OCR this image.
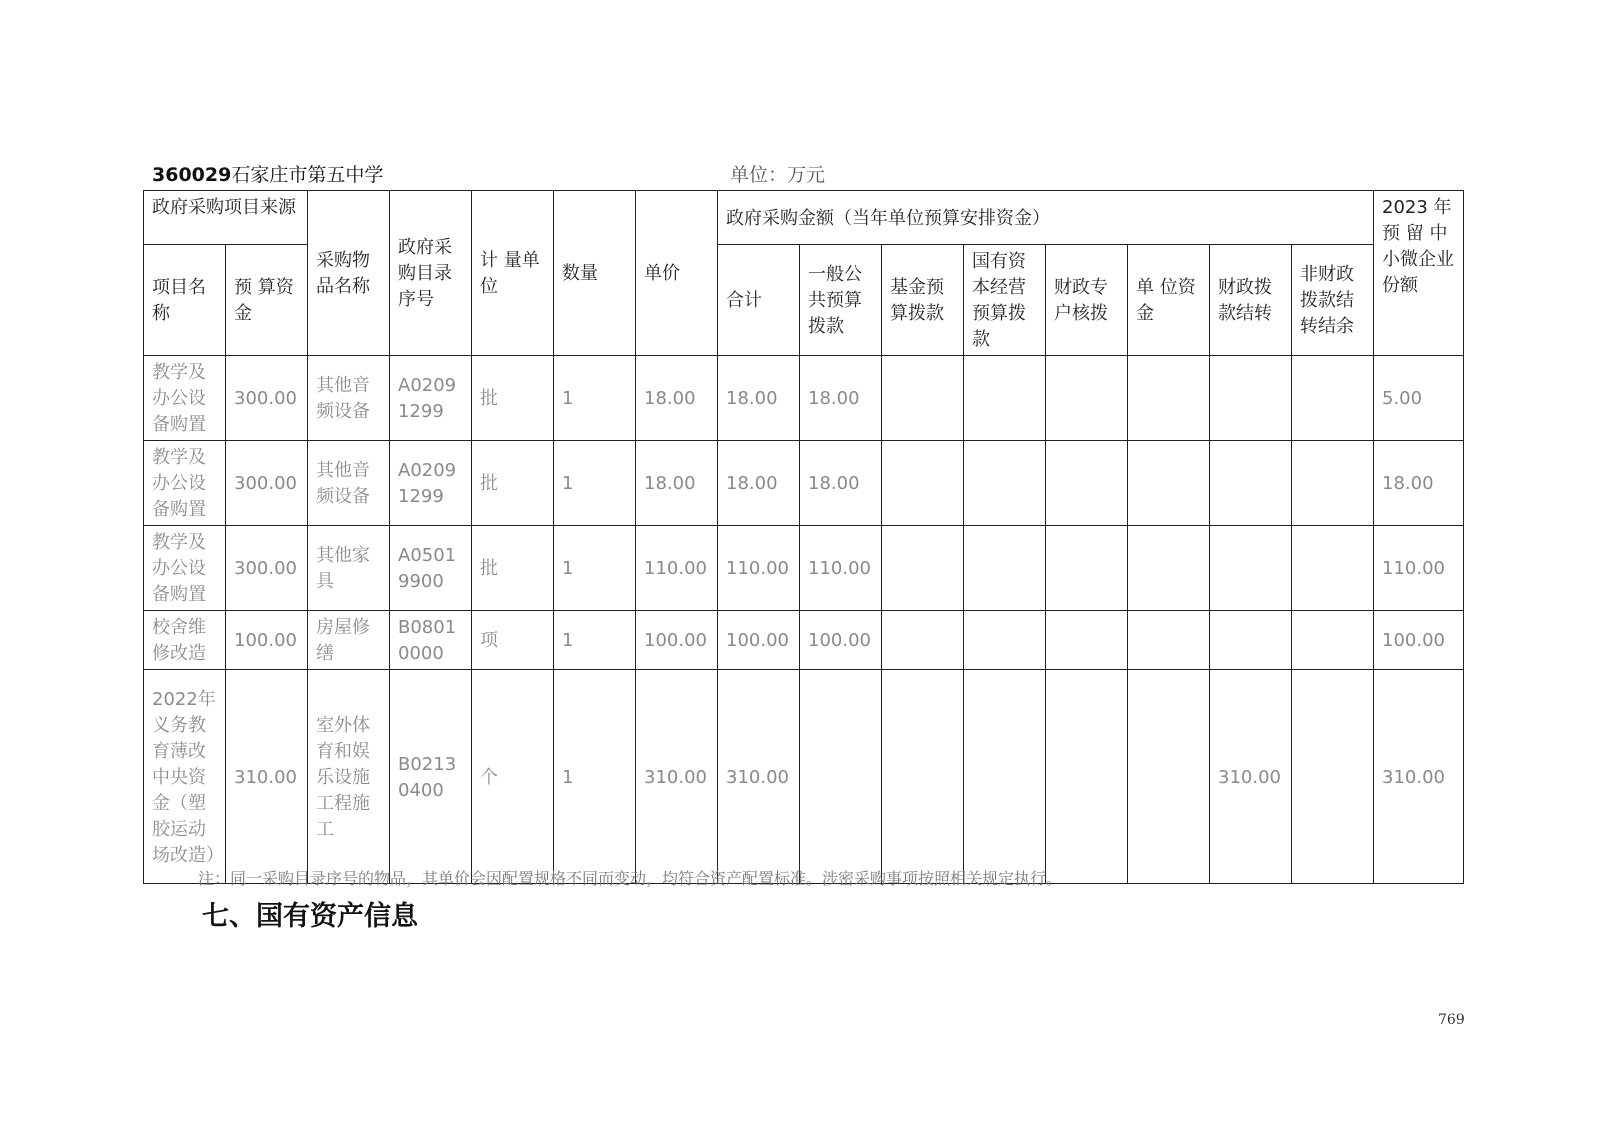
360029石家庄市第五中学	单位：万元
政府采购项目来源		采购物品名称	政府采购目录序号	计 量单位	数量	单价	政府采购金额（当年单位预算安排资金）								2023 年 预 留 中小微企业份额
项目名称	预 算资金						合计	一般公共预算拨款	基金预算拨款	国有资本经营预算拨款	财政专户核拨	单 位资金	财政拨款结转	非财政拨款结转结余	
教学及办公设备购置	300.00	其他音频设备	A02091299	批	1	18.00	18.00	18.00							5.00
教学及办公设备购置	300.00	其他音频设备	A02091299	批	1	18.00	18.00	18.00							18.00
教学及办公设备购置	300.00	其他家具	A05019900	批	1	110.00	110.00	110.00							110.00
校舍维修改造	100.00	房屋修缮	B08010000	项	1	100.00	100.00	100.00							100.00
2022年义务教育薄改中央资金（塑胶运动场改造）	310.00	室外体育和娱乐设施工程施工	B02130400	个	1	310.00	310.00						310.00		310.00
注：同一采购目录序号的物品，其单价会因配置规格不同而变动，均符合资产配置标准。涉密采购事项按照相关规定执行。
七、国有资产信息
769
